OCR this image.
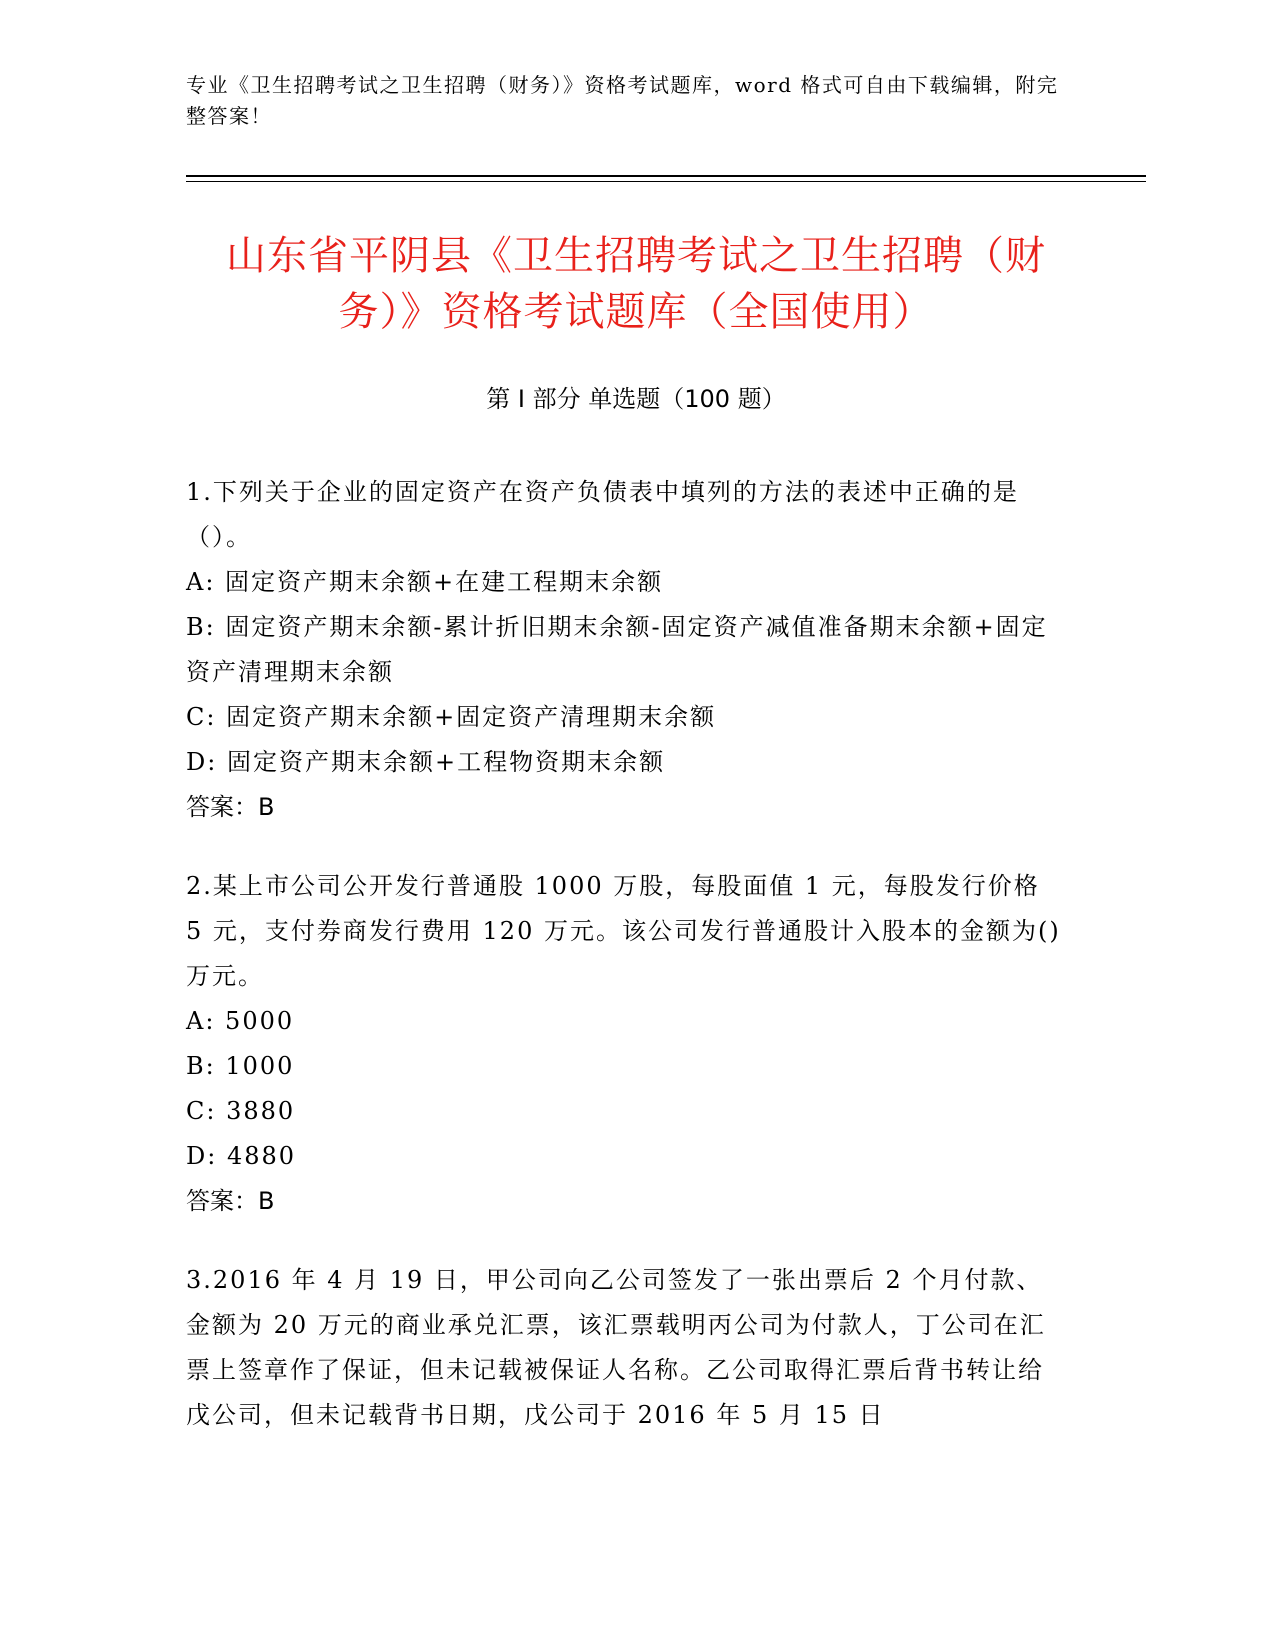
专业《卫生招聘考试之卫生招聘（财务）》资格考试题库，word 格式可自由下载编辑，附完整答案！
山东省平阴县《卫生招聘考试之卫生招聘（财务）》资格考试题库（全国使用）
第 I 部分 单选题（100 题）
1.下列关于企业的固定资产在资产负债表中填列的方法的表述中正确的是（）。
A: 固定资产期末余额+在建工程期末余额
B: 固定资产期末余额-累计折旧期末余额-固定资产减值准备期末余额+固定资产清理期末余额
C: 固定资产期末余额+固定资产清理期末余额
D: 固定资产期末余额+工程物资期末余额
答案：B
2.某上市公司公开发行普通股 1000 万股，每股面值 1 元，每股发行价格 5 元，支付券商发行费用 120 万元。该公司发行普通股计入股本的金额为()万元。
A: 5000
B: 1000
C: 3880
D: 4880
答案：B
3.2016 年 4 月 19 日，甲公司向乙公司签发了一张出票后 2 个月付款、金额为 20 万元的商业承兑汇票，该汇票载明丙公司为付款人，丁公司在汇票上签章作了保证，但未记载被保证人名称。乙公司取得汇票后背书转让给戊公司，但未记载背书日期，戊公司于 2016 年 5 月 15 日
